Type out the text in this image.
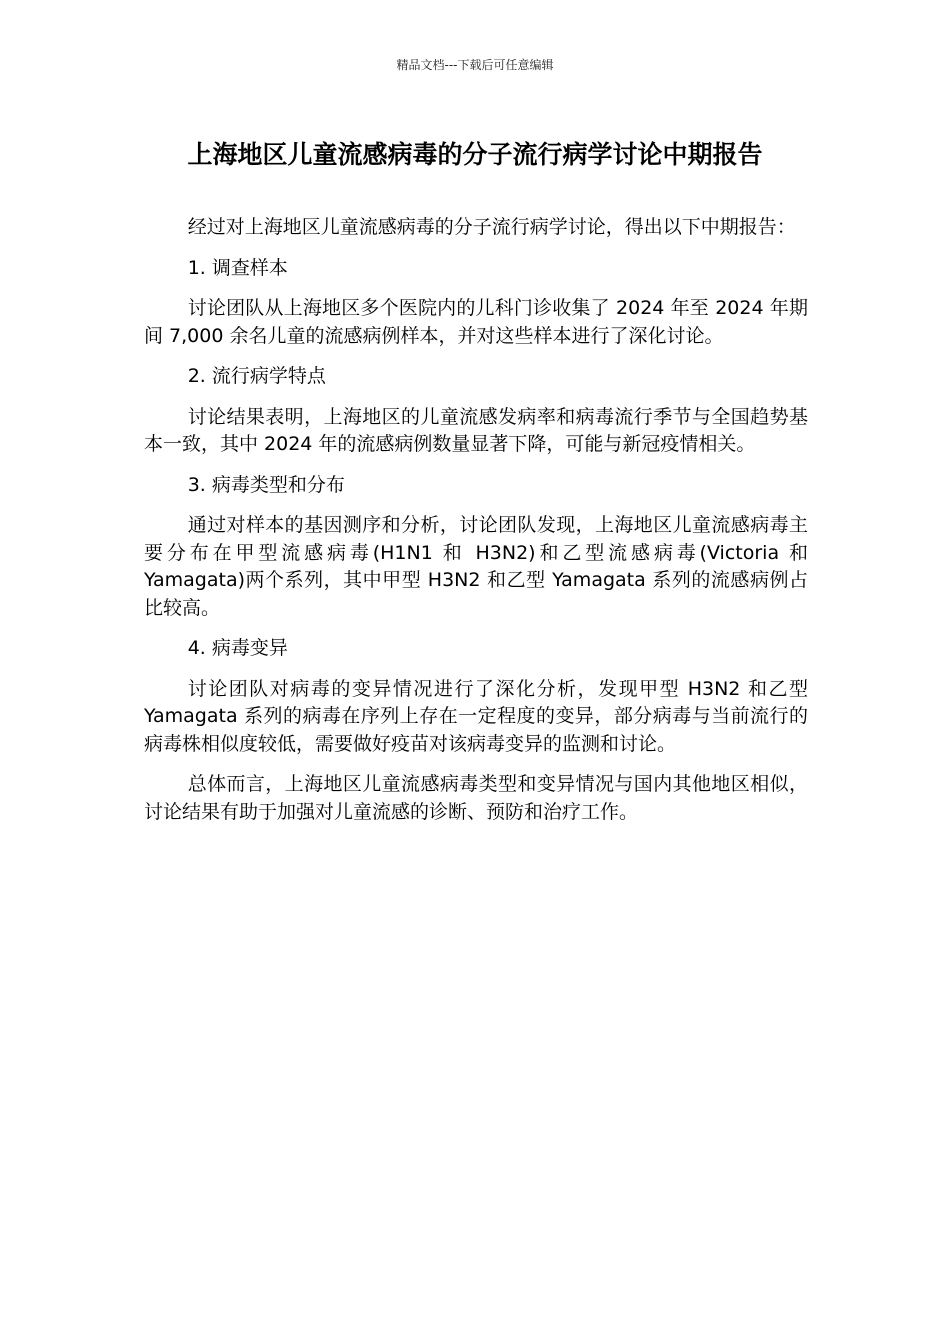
精品文档---下载后可任意编辑
上海地区儿童流感病毒的分子流行病学讨论中期报告

经过对上海地区儿童流感病毒的分子流行病学讨论，得出以下中期报告：

1. 调查样本

讨论团队从上海地区多个医院内的儿科门诊收集了 2024 年至 2024 年期间 7,000 余名儿童的流感病例样本，并对这些样本进行了深化讨论。

2. 流行病学特点

讨论结果表明，上海地区的儿童流感发病率和病毒流行季节与全国趋势基本一致，其中 2024 年的流感病例数量显著下降，可能与新冠疫情相关。

3. 病毒类型和分布

通过对样本的基因测序和分析，讨论团队发现，上海地区儿童流感病毒主要分布在甲型流感病毒(H1N1 和 H3N2)和乙型流感病毒(Victoria 和 Yamagata)两个系列，其中甲型 H3N2 和乙型 Yamagata 系列的流感病例占比较高。

4. 病毒变异

讨论团队对病毒的变异情况进行了深化分析，发现甲型 H3N2 和乙型 Yamagata 系列的病毒在序列上存在一定程度的变异，部分病毒与当前流行的病毒株相似度较低，需要做好疫苗对该病毒变异的监测和讨论。

总体而言，上海地区儿童流感病毒类型和变异情况与国内其他地区相似，讨论结果有助于加强对儿童流感的诊断、预防和治疗工作。
